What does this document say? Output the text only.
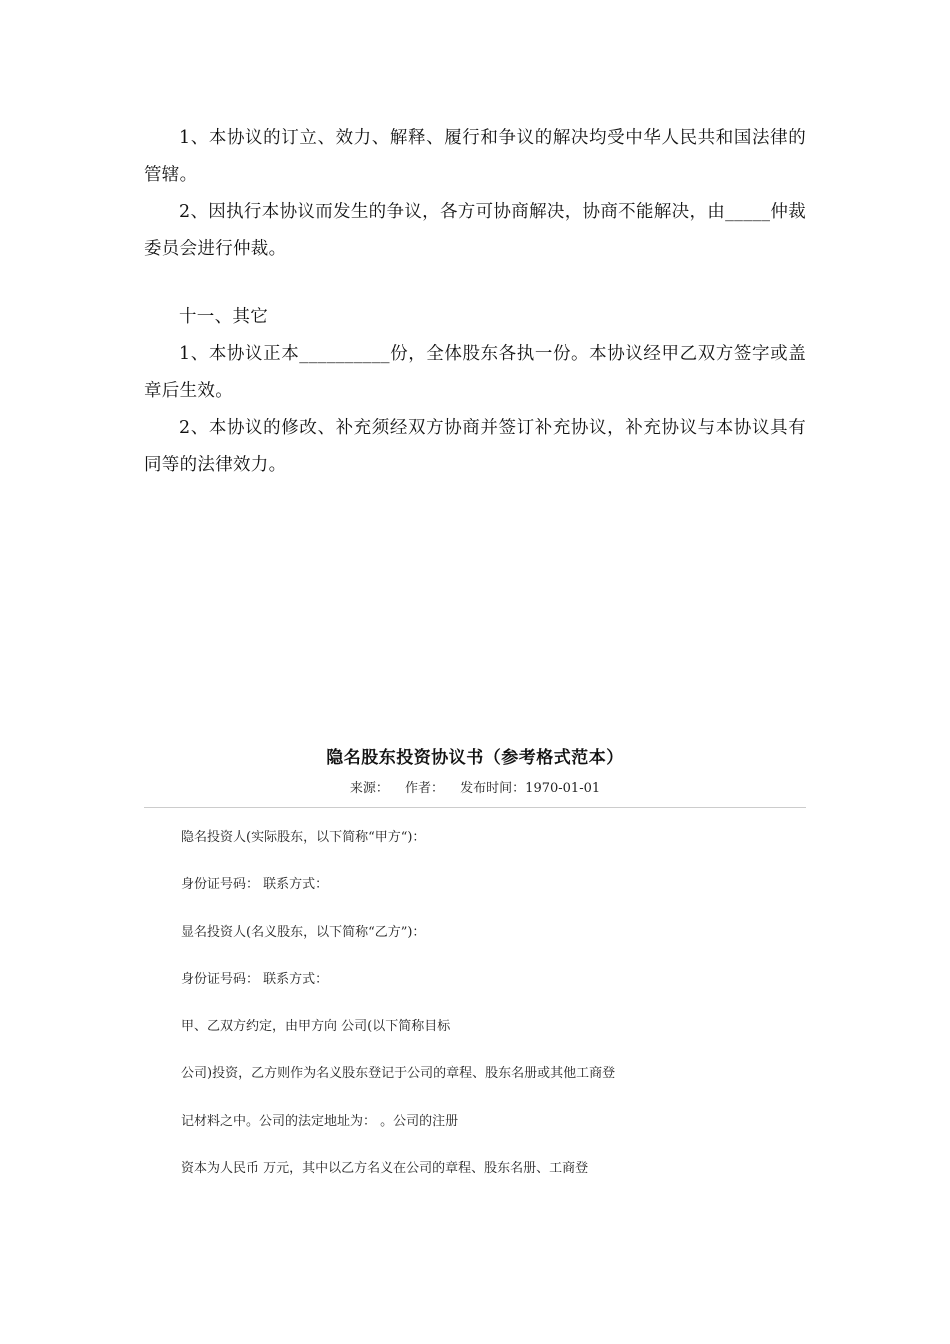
1、本协议的订立、效力、解释、履行和争议的解决均受中华人民共和国法律的管辖。

2、因执行本协议而发生的争议，各方可协商解决，协商不能解决，由_____仲裁委员会进行仲裁。

十一、其它

1、本协议正本__________份，全体股东各执一份。本协议经甲乙双方签字或盖章后生效。

2、本协议的修改、补充须经双方协商并签订补充协议，补充协议与本协议具有同等的法律效力。

隐名股东投资协议书（参考格式范本）
来源： 作者： 发布时间：1970-01-01

隐名投资人(实际股东，以下简称“甲方“)：

身份证号码： 联系方式：

显名投资人(名义股东，以下简称“乙方”)：

身份证号码： 联系方式：

甲、乙双方约定，由甲方向 公司(以下简称目标

公司)投资，乙方则作为名义股东登记于公司的章程、股东名册或其他工商登

记材料之中。公司的法定地址为： 。公司的注册

资本为人民币 万元，其中以乙方名义在公司的章程、股东名册、工商登
